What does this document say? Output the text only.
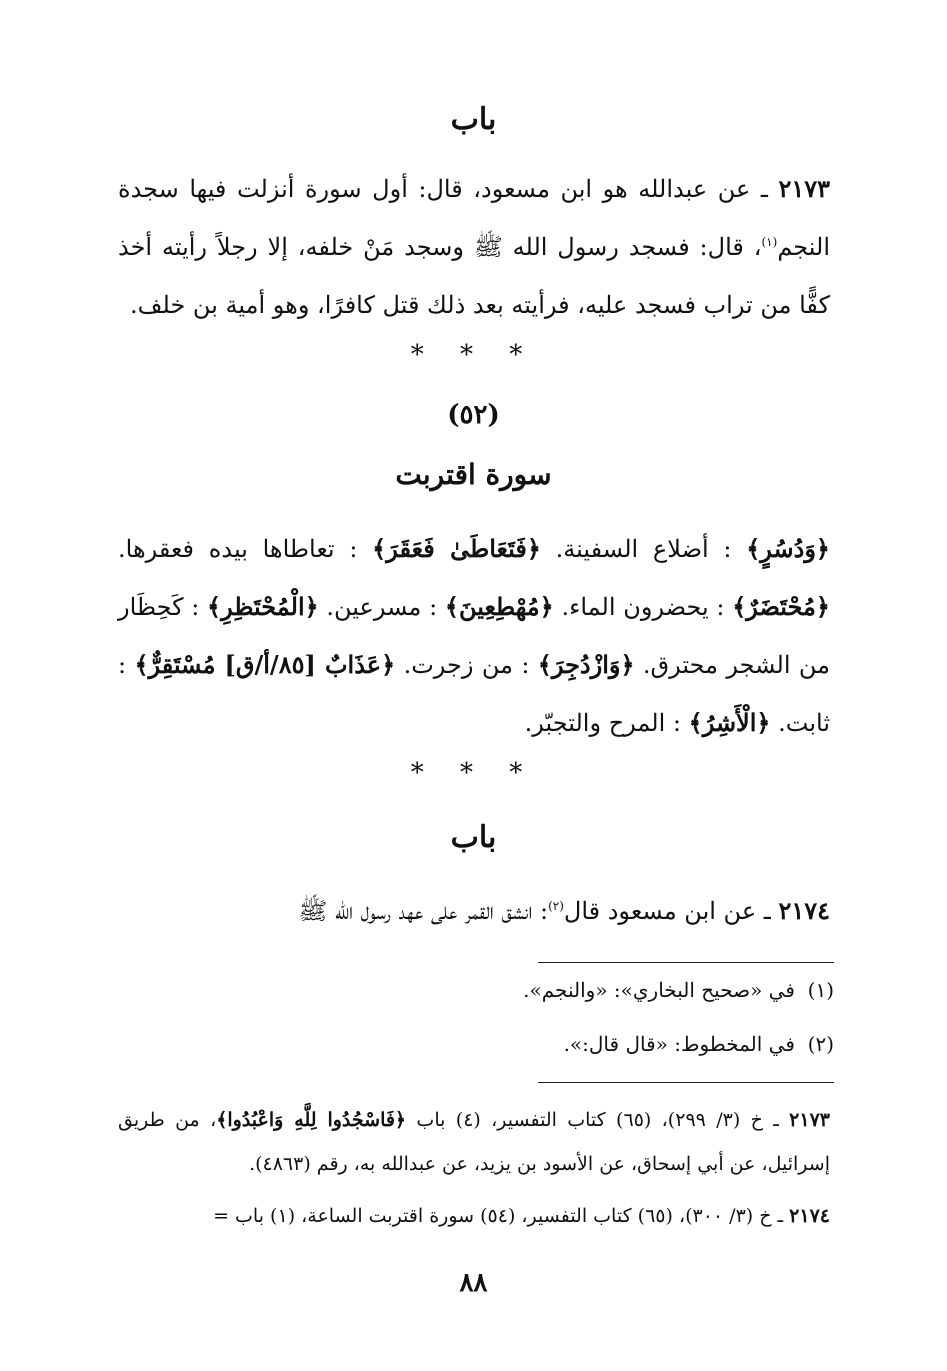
باب
٢١٧٣ ـ عن عبدالله هو ابن مسعود، قال: أول سورة أنزلت فيها سجدة النجم$^{(١)}$، قال: فسجد رسول الله ﷺ وسجد مَنْ خلفه، إلا رجلاً رأيته أخذ كفًّا من تراب فسجد عليه، فرأيته بعد ذلك قتل كافرًا، وهو أمية بن خلف.
* * *
(٥٢)
سورة اقتربت
﴿وَدُسُرٍ﴾ : أضلاع السفينة. ﴿فَتَعَاطَىٰ فَعَقَرَ﴾ : تعاطاها بيده فعقرها. ﴿مُحْتَضَرٌ﴾ : يحضرون الماء. ﴿مُهْطِعِينَ﴾ : مسرعين. ﴿الْمُحْتَظِرِ﴾ : كَحِظَار من الشجر محترق. ﴿وَازْدُجِرَ﴾ : من زجرت. ﴿عَذَابٌ [٨٥/أ/ق] مُسْتَقِرٌّ﴾ : ثابت. ﴿الْأَشِرُ﴾ : المرح والتجبّر.
* * *
باب
٢١٧٤ ـ عن ابن مسعود قال$^{(٢)}$: انشق القمر على عهد رسول الله ﷺ
(١)  في «صحيح البخاري»: «والنجم».
(٢)  في المخطوط: «قال قال:».
٢١٧٣ ـ خ (٣/ ٢٩٩)، (٦٥) كتاب التفسير، (٤) باب ﴿فَاسْجُدُوا لِلَّهِ وَاعْبُدُوا﴾، من طريق إسرائيل، عن أبي إسحاق، عن الأسود بن يزيد، عن عبدالله به، رقم (٤٨٦٣).
٢١٧٤ ـ خ (٣/ ٣٠٠)، (٦٥) كتاب التفسير، (٥٤) سورة اقتربت الساعة، (١) باب =
٨٨
